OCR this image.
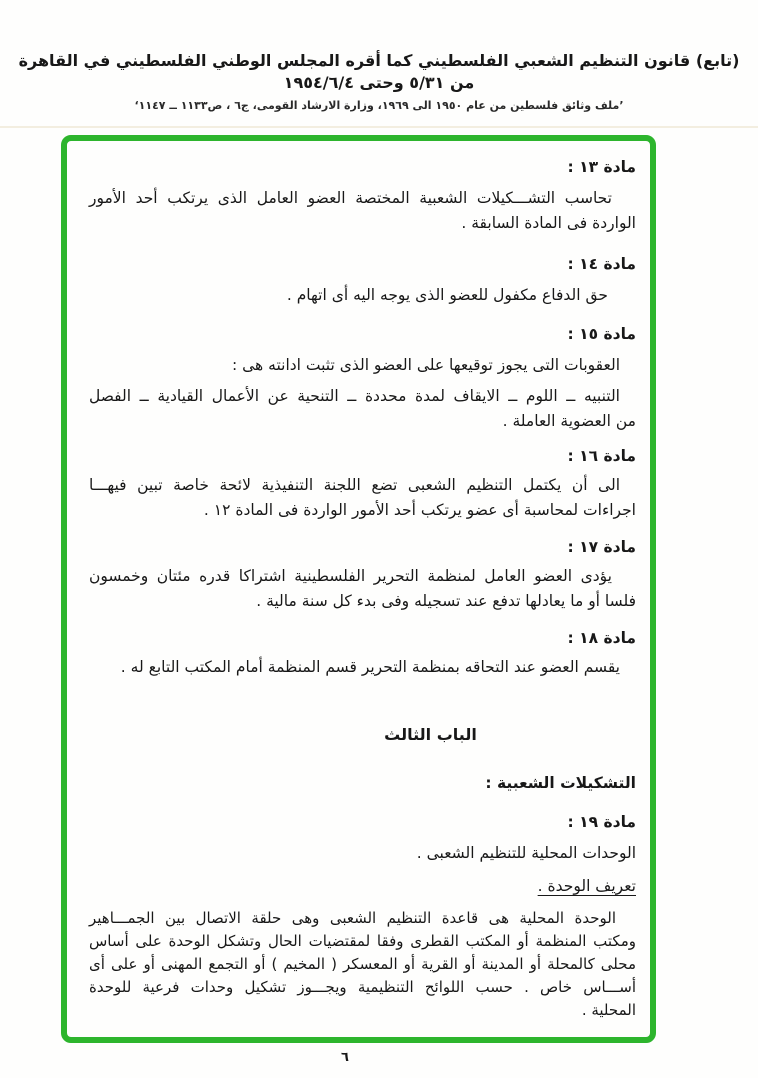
(تابع) قانون التنظيم الشعبي الفلسطيني كما أقره المجلس الوطني الفلسطيني في القاهرة من ٥/٣١ وحتى ١٩٥٤/٦/٤
’ملف وثائق فلسطين من عام ١٩٥٠ الى ١٩٦٩، وزارة الارشاد القومى، ج٦ ، ص١١٣٣ ــ ١١٤٧‘
مادة ١٣ :
تحاسب التشـــكيلات الشعبية المختصة العضو العامل الذى يرتكب أحد الأمور
الواردة فى المادة السابقة .
مادة ١٤ :
حق الدفاع مكفول للعضو الذى يوجه اليه أى اتهام .
مادة ١٥ :
العقوبات التى يجوز توقيعها على العضو الذى تثبت ادانته هى :
التنبيه ــ اللوم ــ الايقاف لمدة محددة ــ التنحية عن الأعمال القيادية ــ الفصل
من العضوية العاملة .
مادة ١٦ :
الى أن يكتمل التنظيم الشعبى تضع اللجنة التنفيذية لائحة خاصة تبين فيهـــا
اجراءات لمحاسبة أى عضو يرتكب أحد الأمور الواردة فى المادة ١٢ .
مادة ١٧ :
يؤدى العضو العامل لمنظمة التحرير الفلسطينية اشتراكا قدره مئتان وخمسون
فلسا أو ما يعادلها تدفع عند تسجيله وفى بدء كل سنة مالية .
مادة ١٨ :
يقسم العضو عند التحاقه بمنظمة التحرير قسم المنظمة أمام المكتب التابع له .
الباب الثالث
التشكيلات الشعبية :
مادة ١٩ :
الوحدات المحلية للتنظيم الشعبى .
تعريف الوحدة .
الوحدة المحلية هى قاعدة التنظيم الشعبى وهى حلقة الاتصال بين الجمـــاهير
ومكتب المنظمة أو المكتب القطرى وفقا لمقتضيات الحال وتشكل الوحدة على أساس
محلى كالمحلة أو المدينة أو القرية أو المعسكر ( المخيم ) أو التجمع المهنى أو على أى
أســـاس خاص . حسب اللوائح التنظيمية ويجـــوز تشكيل وحدات فرعية للوحدة
المحلية .
٦
